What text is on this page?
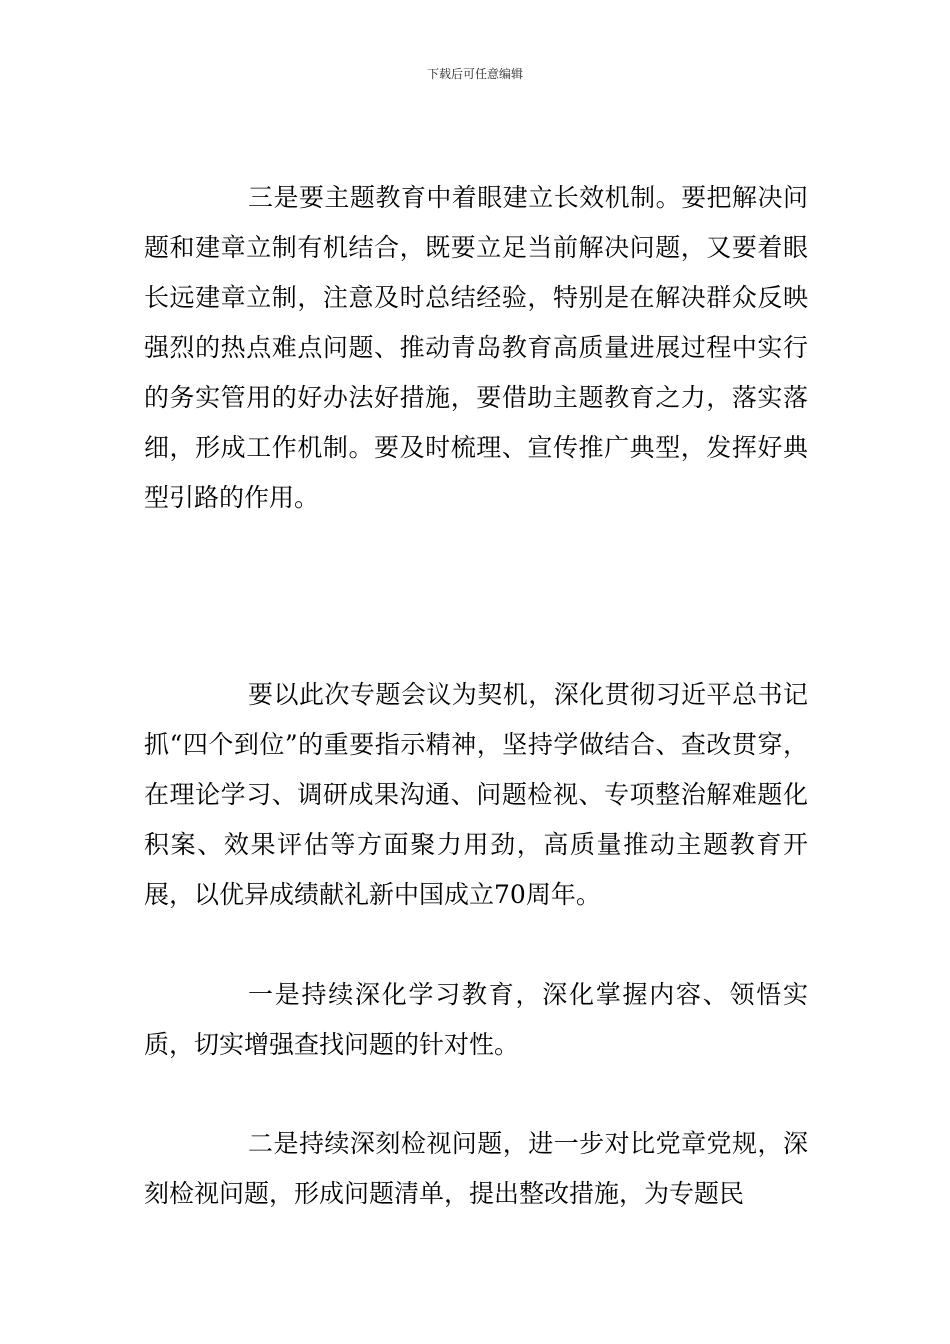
下载后可任意编辑

三是要主题教育中着眼建立长效机制。要把解决问题和建章立制有机结合，既要立足当前解决问题，又要着眼长远建章立制，注意及时总结经验，特别是在解决群众反映强烈的热点难点问题、推动青岛教育高质量进展过程中实行的务实管用的好办法好措施，要借助主题教育之力，落实落细，形成工作机制。要及时梳理、宣传推广典型，发挥好典型引路的作用。

要以此次专题会议为契机，深化贯彻习近平总书记抓“四个到位”的重要指示精神，坚持学做结合、查改贯穿，在理论学习、调研成果沟通、问题检视、专项整治解难题化积案、效果评估等方面聚力用劲，高质量推动主题教育开展，以优异成绩献礼新中国成立70周年。

一是持续深化学习教育，深化掌握内容、领悟实质，切实增强查找问题的针对性。

二是持续深刻检视问题，进一步对比党章党规，深刻检视问题，形成问题清单，提出整改措施，为专题民
